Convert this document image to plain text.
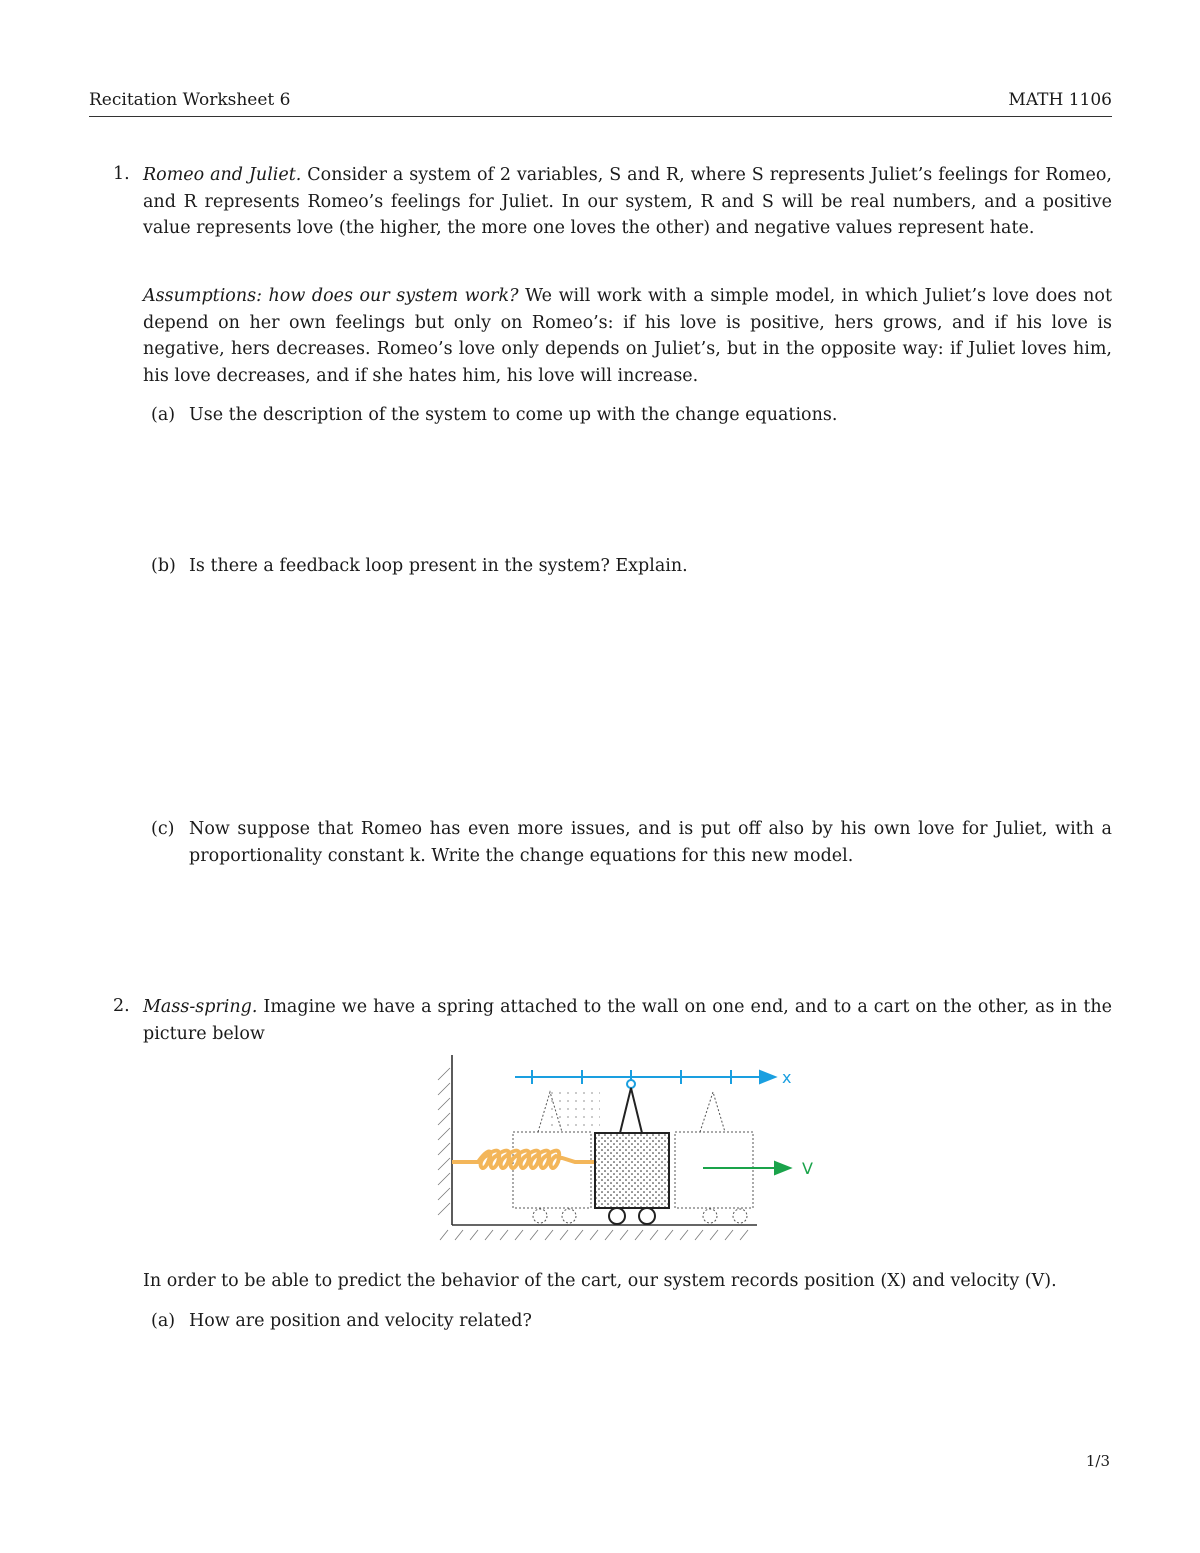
Recitation Worksheet 6	MATH 1106
1. Romeo and Juliet. Consider a system of 2 variables, S and R, where S represents Juliet’s feelings for Romeo, and R represents Romeo’s feelings for Juliet. In our system, R and S will be real numbers, and a positive value represents love (the higher, the more one loves the other) and negative values represent hate.
Assumptions: how does our system work? We will work with a simple model, in which Juliet’s love does not depend on her own feelings but only on Romeo’s: if his love is positive, hers grows, and if his love is negative, hers decreases. Romeo’s love only depends on Juliet’s, but in the opposite way: if Juliet loves him, his love decreases, and if she hates him, his love will increase.
(a) Use the description of the system to come up with the change equations.
(b) Is there a feedback loop present in the system? Explain.
(c) Now suppose that Romeo has even more issues, and is put off also by his own love for Juliet, with a proportionality constant k. Write the change equations for this new model.
2. Mass-spring. Imagine we have a spring attached to the wall on one end, and to a cart on the other, as in the picture below
x
V
In order to be able to predict the behavior of the cart, our system records position (X) and velocity (V).
(a) How are position and velocity related?
1/3
